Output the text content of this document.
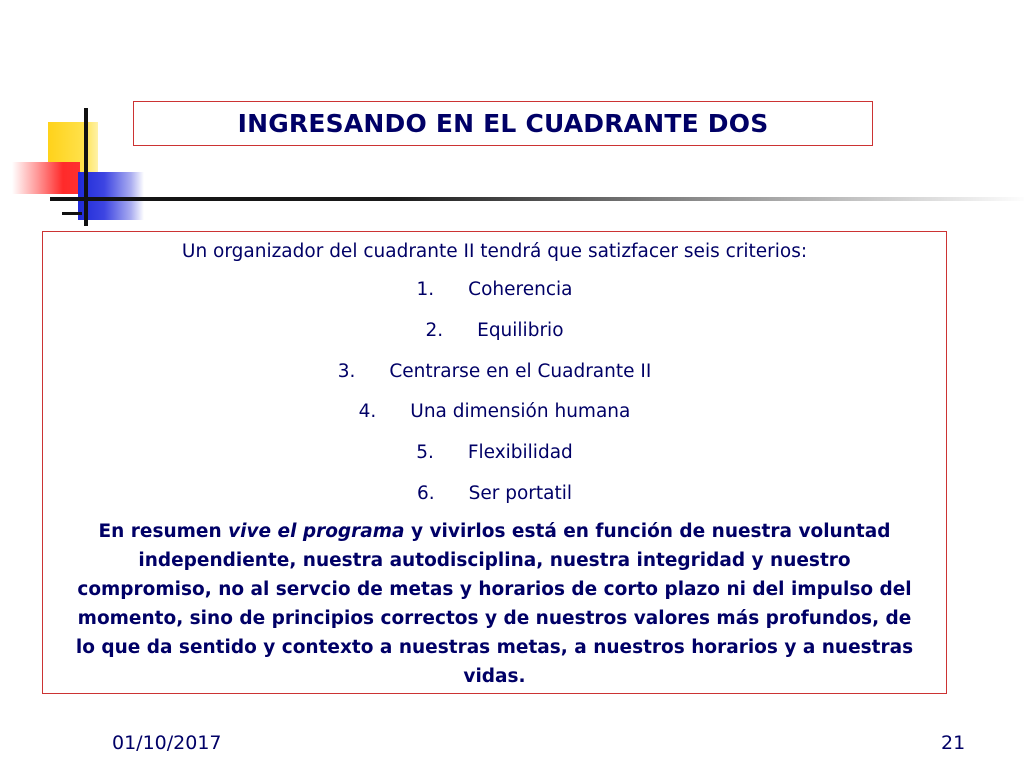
INGRESANDO EN EL CUADRANTE DOS

Un organizador del cuadrante II tendrá que satizfacer seis criterios:

1. Coherencia
2. Equilibrio
3. Centrarse en el Cuadrante II
4. Una dimensión humana
5. Flexibilidad
6. Ser portatil

En resumen vive el programa y vivirlos está en función de nuestra voluntad independiente, nuestra autodisciplina, nuestra integridad y nuestro compromiso, no al servcio de metas y horarios de corto plazo ni del impulso del momento, sino de principios correctos y de nuestros valores más profundos, de lo que da sentido y contexto a nuestras metas, a nuestros horarios y a nuestras vidas.

01/10/2017	21
